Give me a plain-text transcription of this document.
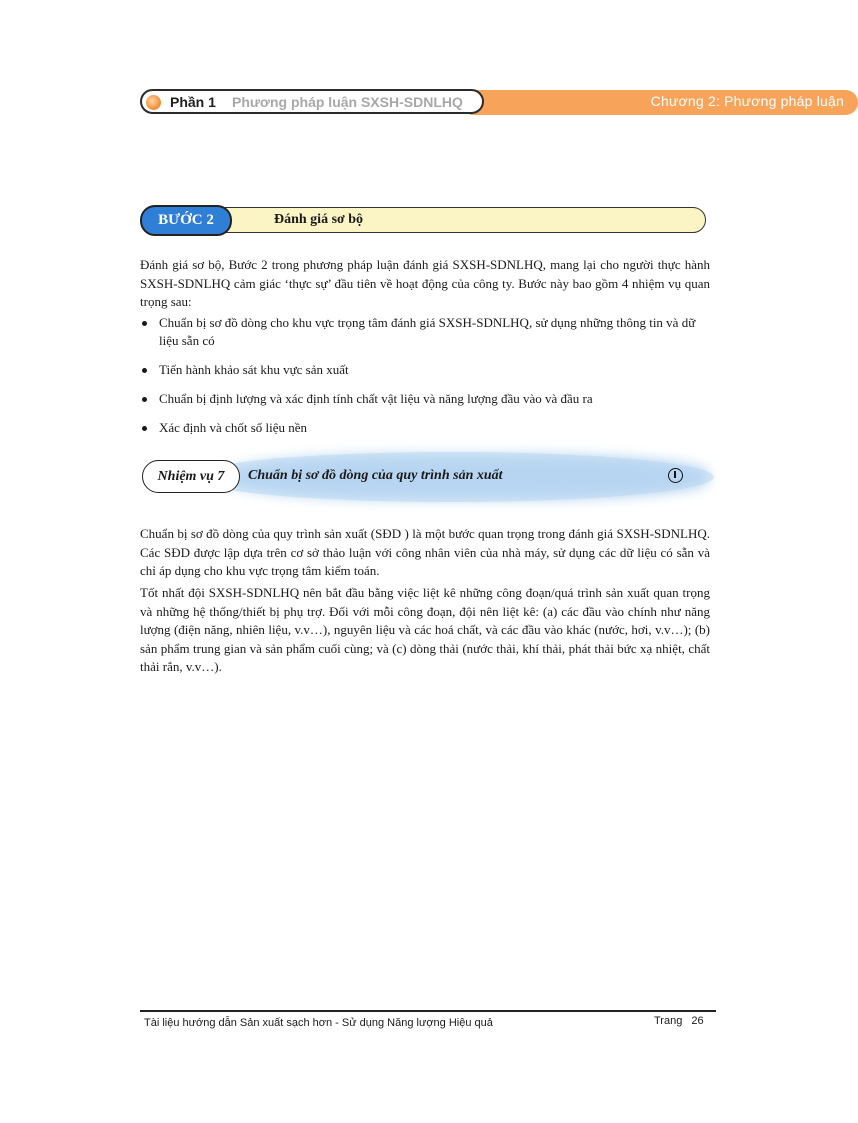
Chương 2: Phương pháp luận
Phần 1 Phương pháp luận SXSH-SDNLHQ
BƯỚC 2	Đánh giá sơ bộ

Đánh giá sơ bộ, Bước 2 trong phương pháp luận đánh giá SXSH-SDNLHQ, mang lại cho người thực hành SXSH-SDNLHQ cảm giác ‘thực sự’ đầu tiên về hoạt động của công ty. Bước này bao gồm 4 nhiệm vụ quan trọng sau:

Chuẩn bị sơ đồ dòng cho khu vực trọng tâm đánh giá SXSH-SDNLHQ, sử dụng những thông tin và dữ liệu sẵn có
Tiến hành khảo sát khu vực sản xuất
Chuẩn bị định lượng và xác định tính chất vật liệu và năng lượng đầu vào và đầu ra
Xác định và chốt số liệu nền
Nhiệm vụ 7	Chuẩn bị sơ đồ dòng của quy trình sản xuất

Chuẩn bị sơ đồ dòng của quy trình sản xuất (SĐD ) là một bước quan trọng trong đánh giá SXSH-SDNLHQ. Các SĐD được lập dựa trên cơ sở thảo luận với công nhân viên của nhà máy, sử dụng các dữ liệu có sẵn và chỉ áp dụng cho khu vực trọng tâm kiểm toán.

Tốt nhất đội SXSH-SDNLHQ nên bắt đầu bằng việc liệt kê những công đoạn/quá trình sản xuất quan trọng và những hệ thống/thiết bị phụ trợ. Đối với mỗi công đoạn, đội nên liệt kê: (a) các đầu vào chính như năng lượng (điện năng, nhiên liệu, v.v…), nguyên liệu và các hoá chất, và các đầu vào khác (nước, hơi, v.v…); (b) sản phẩm trung gian và sản phẩm cuối cùng; và (c) dòng thải (nước thải, khí thải, phát thải bức xạ nhiệt, chất thải rắn, v.v…).

Tài liệu hướng dẫn Sản xuất sạch hơn - Sử dụng Năng lượng Hiệu quả	Trang 26
